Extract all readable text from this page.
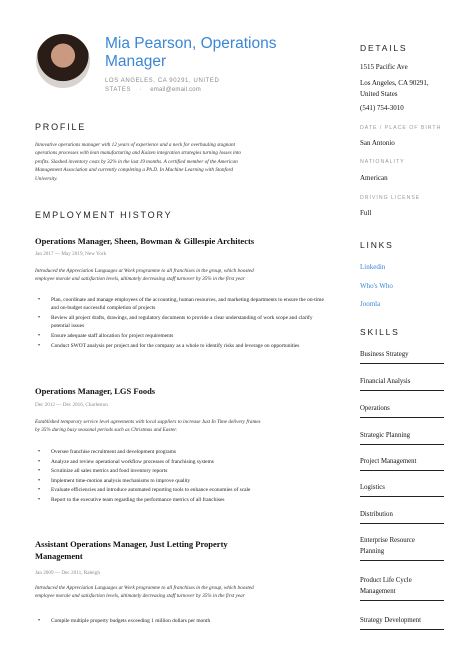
Mia Pearson, Operations
Manager
LOS ANGELES, CA 90291, UNITED
STATES · email@email.com
PROFILE
Innovative operations manager with 12 years of experience and a neck for overhauling stagnant
operations processes with lean manufacturing and Kaizen integration strategies turning losses into
profits. Slashed inventory costs by 32% in the last 19 months. A certified member of the American
Management Association and currently completing a Ph.D. In Machine Learning with Stanford
University.
EMPLOYMENT HISTORY
Operations Manager, Sheen, Bowman & Gillespie Architects
Jan 2017 — May 2019, New York
Introduced the Appreciation Languages at Work programme to all franchises in the group, which boosted
employee morale and satisfaction levels, ultimately decreasing staff turnover by 35% in the first year
• Plan, coordinate and manage employees of the accounting, human resources, and marketing departments to ensure the on-time and on-budget successful completion of projects
• Review all project drafts, drawings, and regulatory documents to provide a clear understanding of work scope and clarify potential issues
• Ensure adequate staff allocation for project requirements
• Conduct SWOT analysis per project and for the company as a whole to identify risks and leverage on opportunities
Operations Manager, LGS Foods
Dec 2012 — Dec 2016, Charleston
Established temporary service level agreements with local suppliers to increase Just In Time delivery frames
by 35% during busy seasonal periods such as Christmas and Easter.
• Oversee franchise recruitment and development programs
• Analyze and review operational workflow processes of franchising systems
• Scrutinize all sales metrics and food inventory reports
• Implement time-motion analysis mechanisms to improve quality
• Evaluate efficiencies and introduce automated reporting tools to enhance economies of scale
• Report to the executive team regarding the performance metrics of all franchises
Assistant Operations Manager, Just Letting Property
Management
Jan 2009 — Dec 2011, Raleigh
Introduced the Appreciation Languages at Work programme to all franchises in the group, which boosted
employee morale and satisfaction levels, ultimately decreasing staff turnover by 35% in the first year
• Compile multiple property budgets exceeding 1 million dollars per month
DETAILS
1515 Pacific Ave
Los Angeles, CA 90291,
United States
(541) 754-3010
DATE / PLACE OF BIRTH
San Antonio
NATIONALITY
American
DRIVING LICENSE
Full
LINKS
Linkedin
Who's Who
Joomla
SKILLS
Business Strategy
Financial Analysis
Operations
Strategic Planning
Project Management
Logistics
Distribution
Enterprise Resource
Planning
Product Life Cycle
Management
Strategy Development
